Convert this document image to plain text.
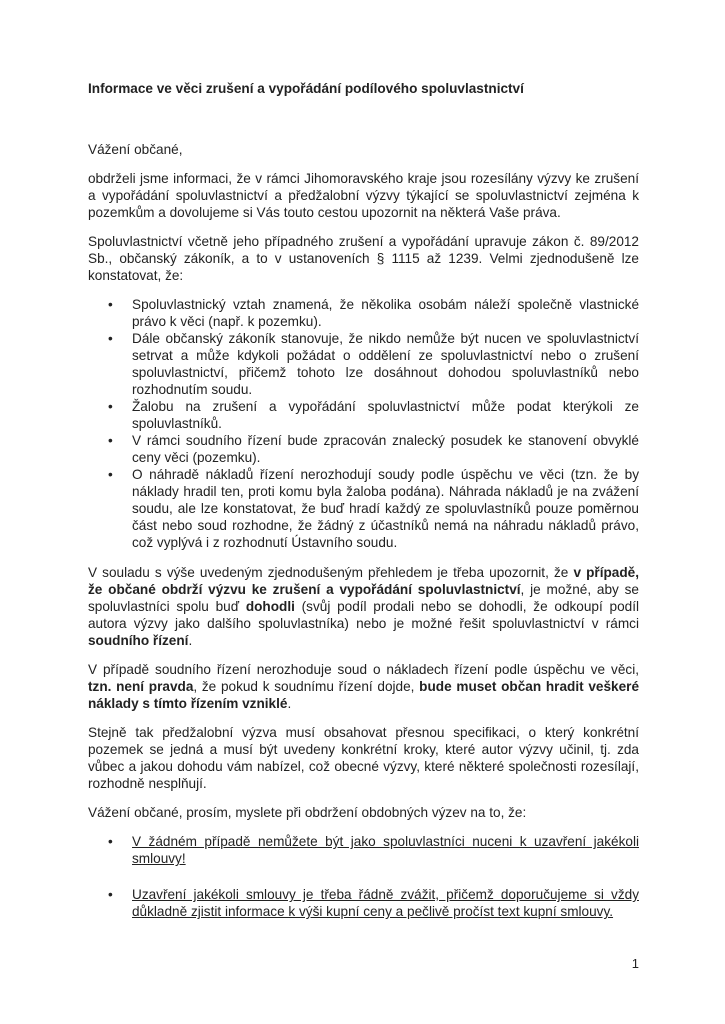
Informace ve věci zrušení a vypořádání podílového spoluvlastnictví
Vážení občané,

obdrželi jsme informaci, že v rámci Jihomoravského kraje jsou rozesílány výzvy ke zrušení a vypořádání spoluvlastnictví a předžalobní výzvy týkající se spoluvlastnictví zejména k pozemkům a dovolujeme si Vás touto cestou upozornit na některá Vaše práva.

Spoluvlastnictví včetně jeho případného zrušení a vypořádání upravuje zákon č. 89/2012 Sb., občanský zákoník, a to v ustanoveních § 1115 až 1239. Velmi zjednodušeně lze konstatovat, že:

• Spoluvlastnický vztah znamená, že několika osobám náleží společně vlastnické právo k věci (např. k pozemku).
• Dále občanský zákoník stanovuje, že nikdo nemůže být nucen ve spoluvlastnictví setrvat a může kdykoli požádat o oddělení ze spoluvlastnictví nebo o zrušení spoluvlastnictví, přičemž tohoto lze dosáhnout dohodou spoluvlastníků nebo rozhodnutím soudu.
• Žalobu na zrušení a vypořádání spoluvlastnictví může podat kterýkoli ze spoluvlastníků.
• V rámci soudního řízení bude zpracován znalecký posudek ke stanovení obvyklé ceny věci (pozemku).
• O náhradě nákladů řízení nerozhodují soudy podle úspěchu ve věci (tzn. že by náklady hradil ten, proti komu byla žaloba podána). Náhrada nákladů je na zvážení soudu, ale lze konstatovat, že buď hradí každý ze spoluvlastníků pouze poměrnou část nebo soud rozhodne, že žádný z účastníků nemá na náhradu nákladů právo, což vyplývá i z rozhodnutí Ústavního soudu.

V souladu s výše uvedeným zjednodušeným přehledem je třeba upozornit, že v případě, že občané obdrží výzvu ke zrušení a vypořádání spoluvlastnictví, je možné, aby se spoluvlastníci spolu buď dohodli (svůj podíl prodali nebo se dohodli, že odkoupí podíl autora výzvy jako dalšího spoluvlastníka) nebo je možné řešit spoluvlastnictví v rámci soudního řízení.

V případě soudního řízení nerozhoduje soud o nákladech řízení podle úspěchu ve věci, tzn. není pravda, že pokud k soudnímu řízení dojde, bude muset občan hradit veškeré náklady s tímto řízením vzniklé.

Stejně tak předžalobní výzva musí obsahovat přesnou specifikaci, o který konkrétní pozemek se jedná a musí být uvedeny konkrétní kroky, které autor výzvy učinil, tj. zda vůbec a jakou dohodu vám nabízel, což obecné výzvy, které některé společnosti rozesílají, rozhodně nesplňují.

Vážení občané, prosím, myslete při obdržení obdobných výzev na to, že:

• V žádném případě nemůžete být jako spoluvlastníci nuceni k uzavření jakékoli smlouvy!
• Uzavření jakékoli smlouvy je třeba řádně zvážit, přičemž doporučujeme si vždy důkladně zjistit informace k výši kupní ceny a pečlivě pročíst text kupní smlouvy.
1
